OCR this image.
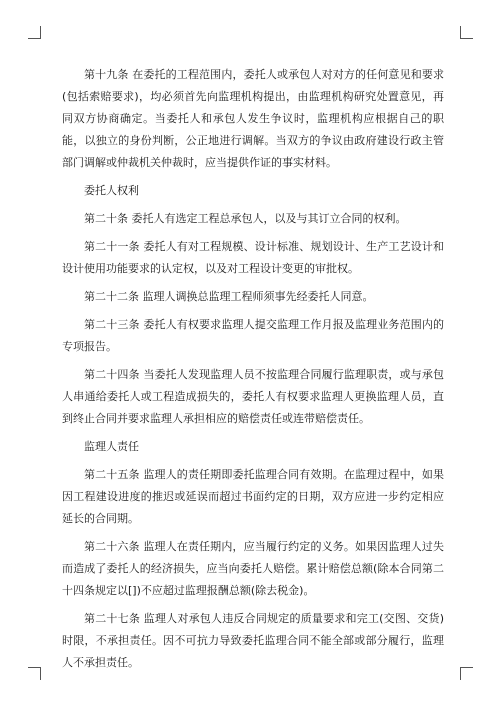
第十九条 在委托的工程范围内，委托人或承包人对对方的任何意见和要求(包括索赔要求)，均必须首先向监理机构提出，由监理机构研究处置意见，再同双方协商确定。当委托人和承包人发生争议时，监理机构应根据自己的职能，以独立的身份判断，公正地进行调解。当双方的争议由政府建设行政主管部门调解或仲裁机关仲裁时，应当提供作证的事实材料。

委托人权利

第二十条 委托人有选定工程总承包人，以及与其订立合同的权利。

第二十一条 委托人有对工程规模、设计标准、规划设计、生产工艺设计和设计使用功能要求的认定权，以及对工程设计变更的审批权。

第二十二条 监理人调换总监理工程师须事先经委托人同意。

第二十三条 委托人有权要求监理人提交监理工作月报及监理业务范围内的专项报告。

第二十四条 当委托人发现监理人员不按监理合同履行监理职责，或与承包人串通给委托人或工程造成损失的，委托人有权要求监理人更换监理人员，直到终止合同并要求监理人承担相应的赔偿责任或连带赔偿责任。

监理人责任

第二十五条 监理人的责任期即委托监理合同有效期。在监理过程中，如果因工程建设进度的推迟或延误而超过书面约定的日期，双方应进一步约定相应延长的合同期。

第二十六条 监理人在责任期内，应当履行约定的义务。如果因监理人过失而造成了委托人的经济损失，应当向委托人赔偿。累计赔偿总额(除本合同第二十四条规定以[])不应超过监理报酬总额(除去税金)。

第二十七条 监理人对承包人违反合同规定的质量要求和完工(交图、交货)时限，不承担责任。因不可抗力导致委托监理合同不能全部或部分履行，监理人不承担责任。
